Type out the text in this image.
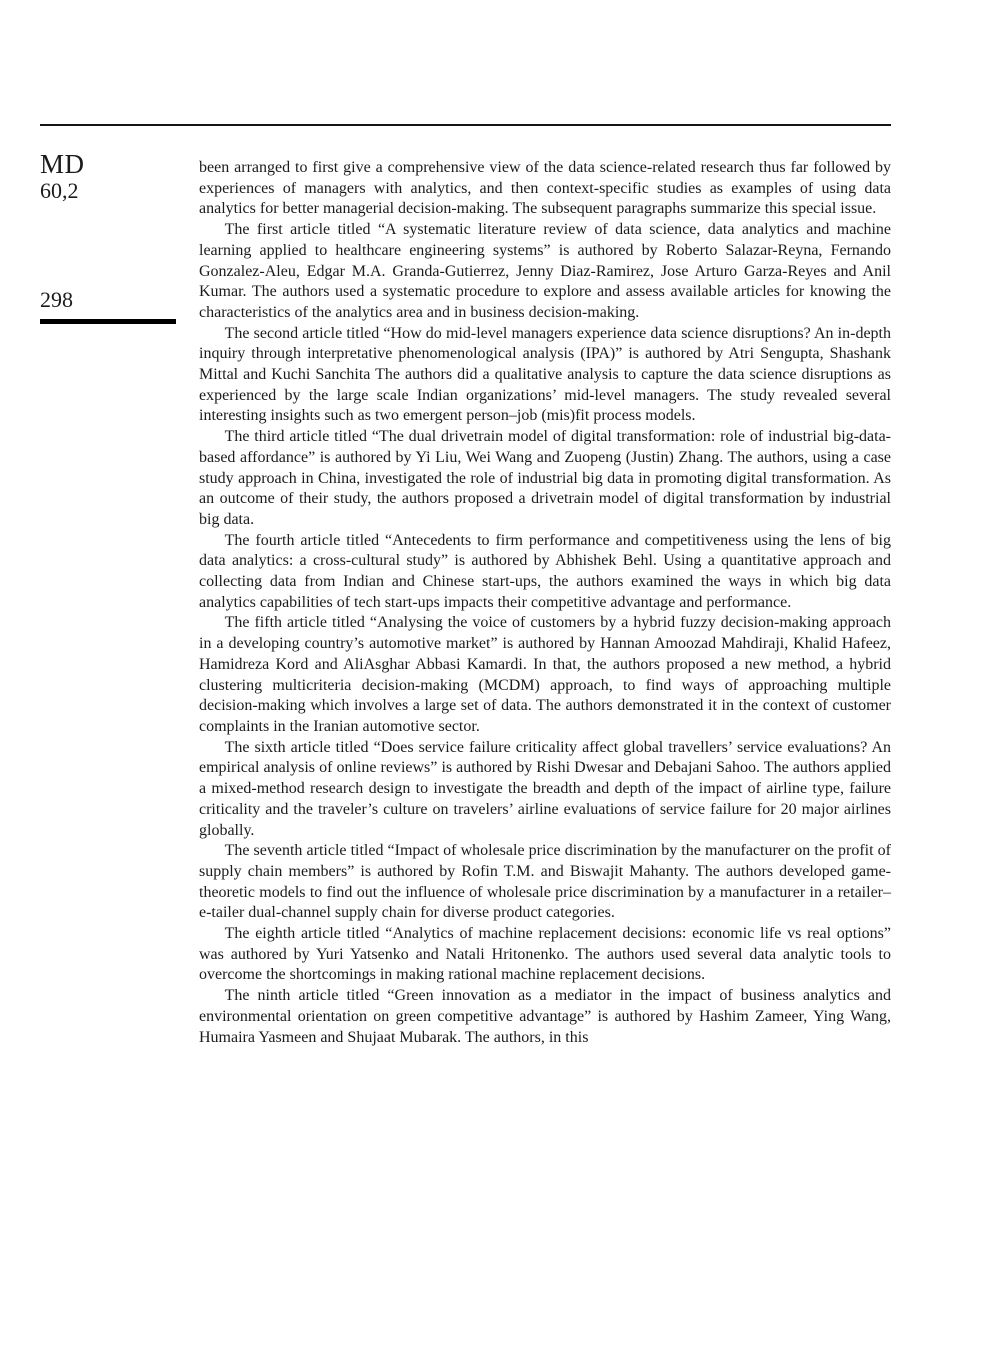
MD
60,2
298

been arranged to first give a comprehensive view of the data science-related research thus far followed by experiences of managers with analytics, and then context-specific studies as examples of using data analytics for better managerial decision-making. The subsequent paragraphs summarize this special issue.

The first article titled “A systematic literature review of data science, data analytics and machine learning applied to healthcare engineering systems” is authored by Roberto Salazar-Reyna, Fernando Gonzalez-Aleu, Edgar M.A. Granda-Gutierrez, Jenny Diaz-Ramirez, Jose Arturo Garza-Reyes and Anil Kumar. The authors used a systematic procedure to explore and assess available articles for knowing the characteristics of the analytics area and in business decision-making.

The second article titled “How do mid-level managers experience data science disruptions? An in-depth inquiry through interpretative phenomenological analysis (IPA)” is authored by Atri Sengupta, Shashank Mittal and Kuchi Sanchita The authors did a qualitative analysis to capture the data science disruptions as experienced by the large scale Indian organizations’ mid-level managers. The study revealed several interesting insights such as two emergent person–job (mis)fit process models.

The third article titled “The dual drivetrain model of digital transformation: role of industrial big-data-based affordance” is authored by Yi Liu, Wei Wang and Zuopeng (Justin) Zhang. The authors, using a case study approach in China, investigated the role of industrial big data in promoting digital transformation. As an outcome of their study, the authors proposed a drivetrain model of digital transformation by industrial big data.

The fourth article titled “Antecedents to firm performance and competitiveness using the lens of big data analytics: a cross-cultural study” is authored by Abhishek Behl. Using a quantitative approach and collecting data from Indian and Chinese start-ups, the authors examined the ways in which big data analytics capabilities of tech start-ups impacts their competitive advantage and performance.

The fifth article titled “Analysing the voice of customers by a hybrid fuzzy decision-making approach in a developing country’s automotive market” is authored by Hannan Amoozad Mahdiraji, Khalid Hafeez, Hamidreza Kord and AliAsghar Abbasi Kamardi. In that, the authors proposed a new method, a hybrid clustering multicriteria decision-making (MCDM) approach, to find ways of approaching multiple decision-making which involves a large set of data. The authors demonstrated it in the context of customer complaints in the Iranian automotive sector.

The sixth article titled “Does service failure criticality affect global travellers’ service evaluations? An empirical analysis of online reviews” is authored by Rishi Dwesar and Debajani Sahoo. The authors applied a mixed-method research design to investigate the breadth and depth of the impact of airline type, failure criticality and the traveler’s culture on travelers’ airline evaluations of service failure for 20 major airlines globally.

The seventh article titled “Impact of wholesale price discrimination by the manufacturer on the profit of supply chain members” is authored by Rofin T.M. and Biswajit Mahanty. The authors developed game-theoretic models to find out the influence of wholesale price discrimination by a manufacturer in a retailer–e-tailer dual-channel supply chain for diverse product categories.

The eighth article titled “Analytics of machine replacement decisions: economic life vs real options” was authored by Yuri Yatsenko and Natali Hritonenko. The authors used several data analytic tools to overcome the shortcomings in making rational machine replacement decisions.

The ninth article titled “Green innovation as a mediator in the impact of business analytics and environmental orientation on green competitive advantage” is authored by Hashim Zameer, Ying Wang, Humaira Yasmeen and Shujaat Mubarak. The authors, in this
